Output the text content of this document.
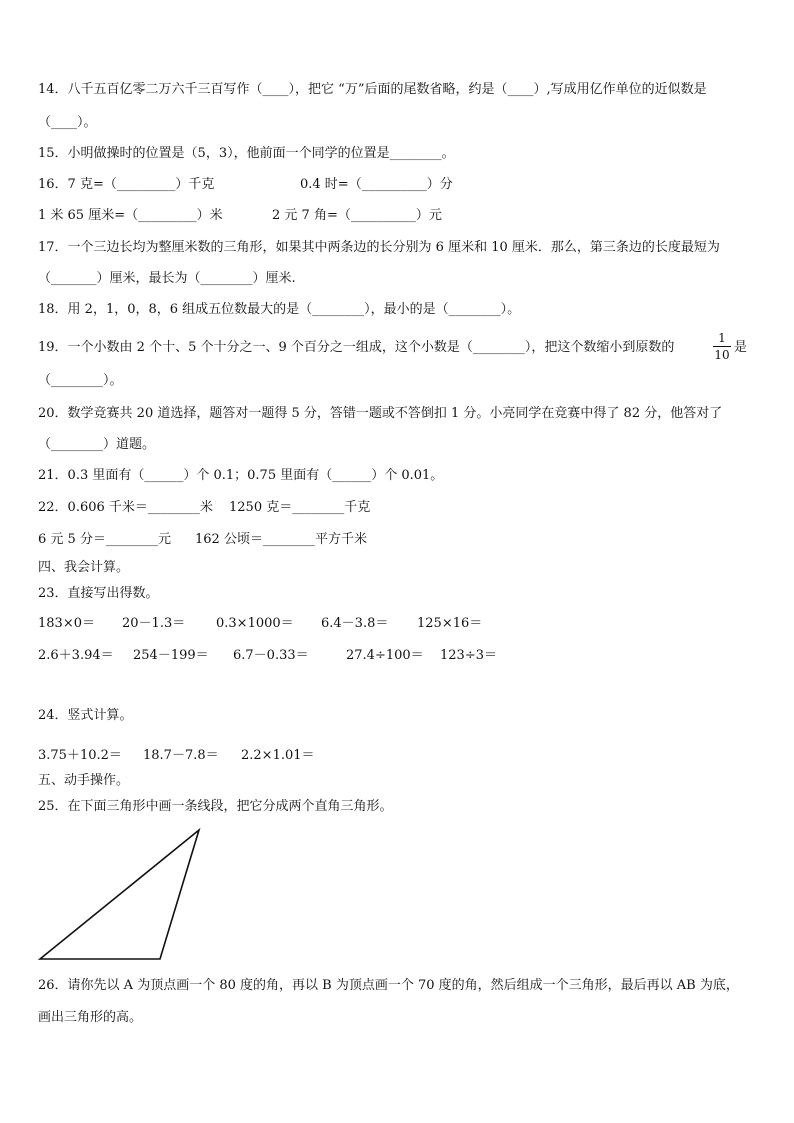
14．八千五百亿零二万六千三百写作（____），把它 “万”后面的尾数省略，约是（____）,写成用亿作单位的近似数是
（____）。
15．小明做操时的位置是（5，3），他前面一个同学的位置是________。
16．7 克=（_________）千克	0.4 时=（__________）分
1 米 65 厘米=（_________）米	2 元 7 角=（__________）元
17．一个三边长均为整厘米数的三角形，如果其中两条边的长分别为 6 厘米和 10 厘米．那么，第三条边的长度最短为
（_______）厘米，最长为（________）厘米.
18．用 2，1，0，8，6 组成五位数最大的是（________），最小的是（________）。
19．一个小数由 2 个十、5 个十分之一、9 个百分之一组成，这个小数是（________），把这个数缩小到原数的
1
10 是
（________）。
20．数学竞赛共 20 道选择，题答对一题得 5 分，答错一题或不答倒扣 1 分。小亮同学在竞赛中得了 82 分，他答对了
（________）道题。
21．0.3 里面有（______）个 0.1；0.75 里面有（______）个 0.01。
22．0.606 千米＝________米 1250 克＝________千克
6 元 5 分＝________元 162 公顷＝________平方千米
四、我会计算。
23．直接写出得数。
183×0＝ 20－1.3＝ 0.3×1000＝ 6.4－3.8＝ 125×16＝
2.6＋3.94＝ 254－199＝ 6.7－0.33＝	27.4÷100＝ 123÷3＝
24．竖式计算。
3.75＋10.2＝ 18.7－7.8＝ 2.2×1.01＝
五、动手操作。
25．在下面三角形中画一条线段，把它分成两个直角三角形。
26．请你先以 A 为顶点画一个 80 度的角，再以 B 为顶点画一个 70 度的角，然后组成一个三角形，最后再以 AB 为底，
画出三角形的高。
